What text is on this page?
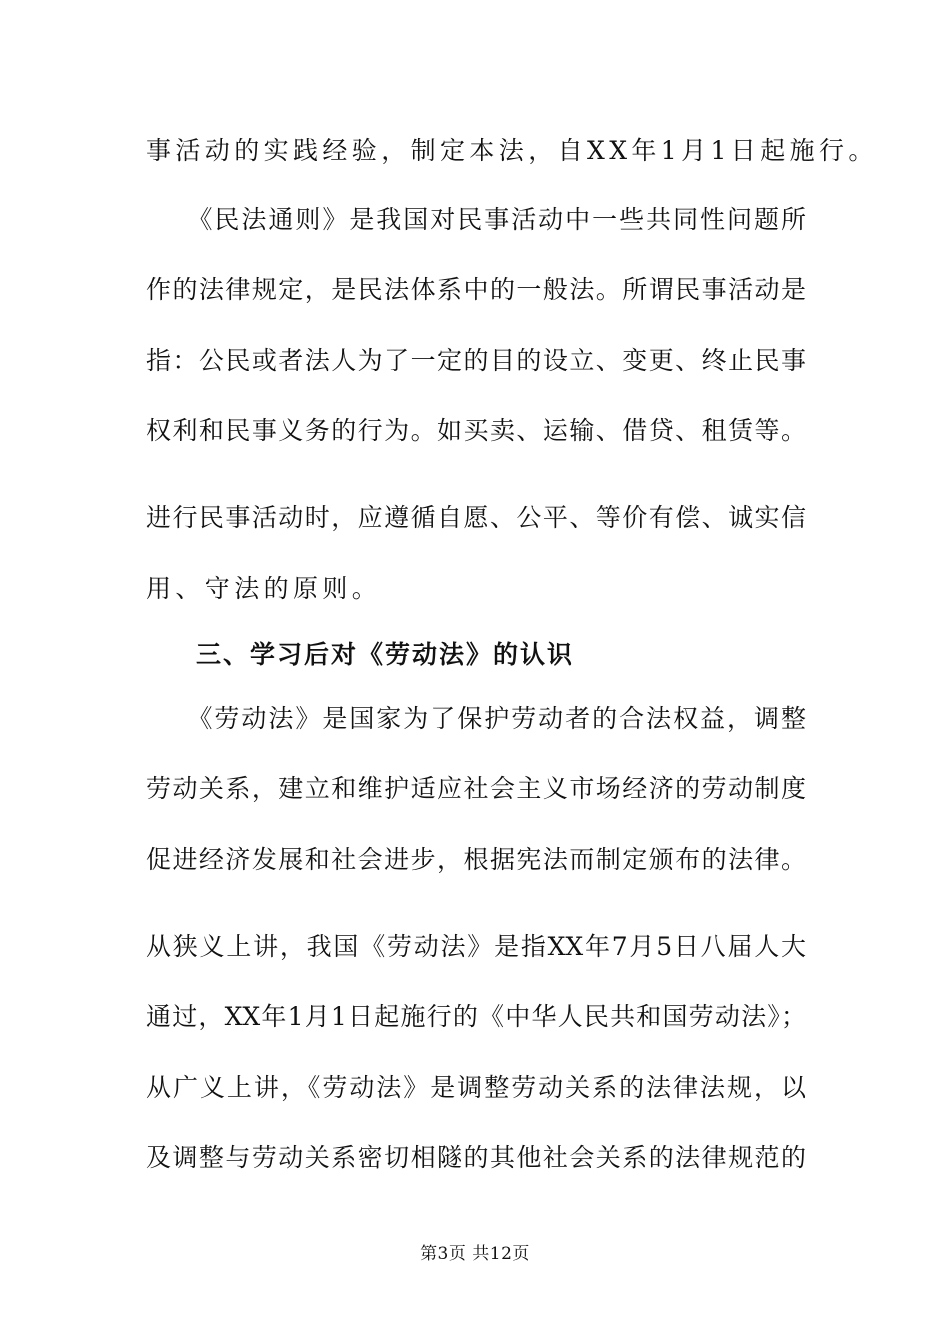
事活动的实践经验，制定本法，自XX年1月1日起施行。
　　《民法通则》是我国对民事活动中一些共同性问题所
作的法律规定，是民法体系中的一般法。所谓民事活动是
指：公民或者法人为了一定的目的设立、变更、终止民事
权利和民事义务的行为。如买卖、运输、借贷、租赁等。
进行民事活动时，应遵循自愿、公平、等价有偿、诚实信
用、守法的原则。
三、学习后对《劳动法》的认识
　　《劳动法》是国家为了保护劳动者的合法权益，调整
劳动关系，建立和维护适应社会主义市场经济的劳动制度
促进经济发展和社会进步，根据宪法而制定颁布的法律。
从狭义上讲，我国《劳动法》是指XX年7月5日八届人大
通过，XX年1月1日起施行的《中华人民共和国劳动法》；
从广义上讲，《劳动法》是调整劳动关系的法律法规，以
及调整与劳动关系密切相隧的其他社会关系的法律规范的
第3页 共12页
